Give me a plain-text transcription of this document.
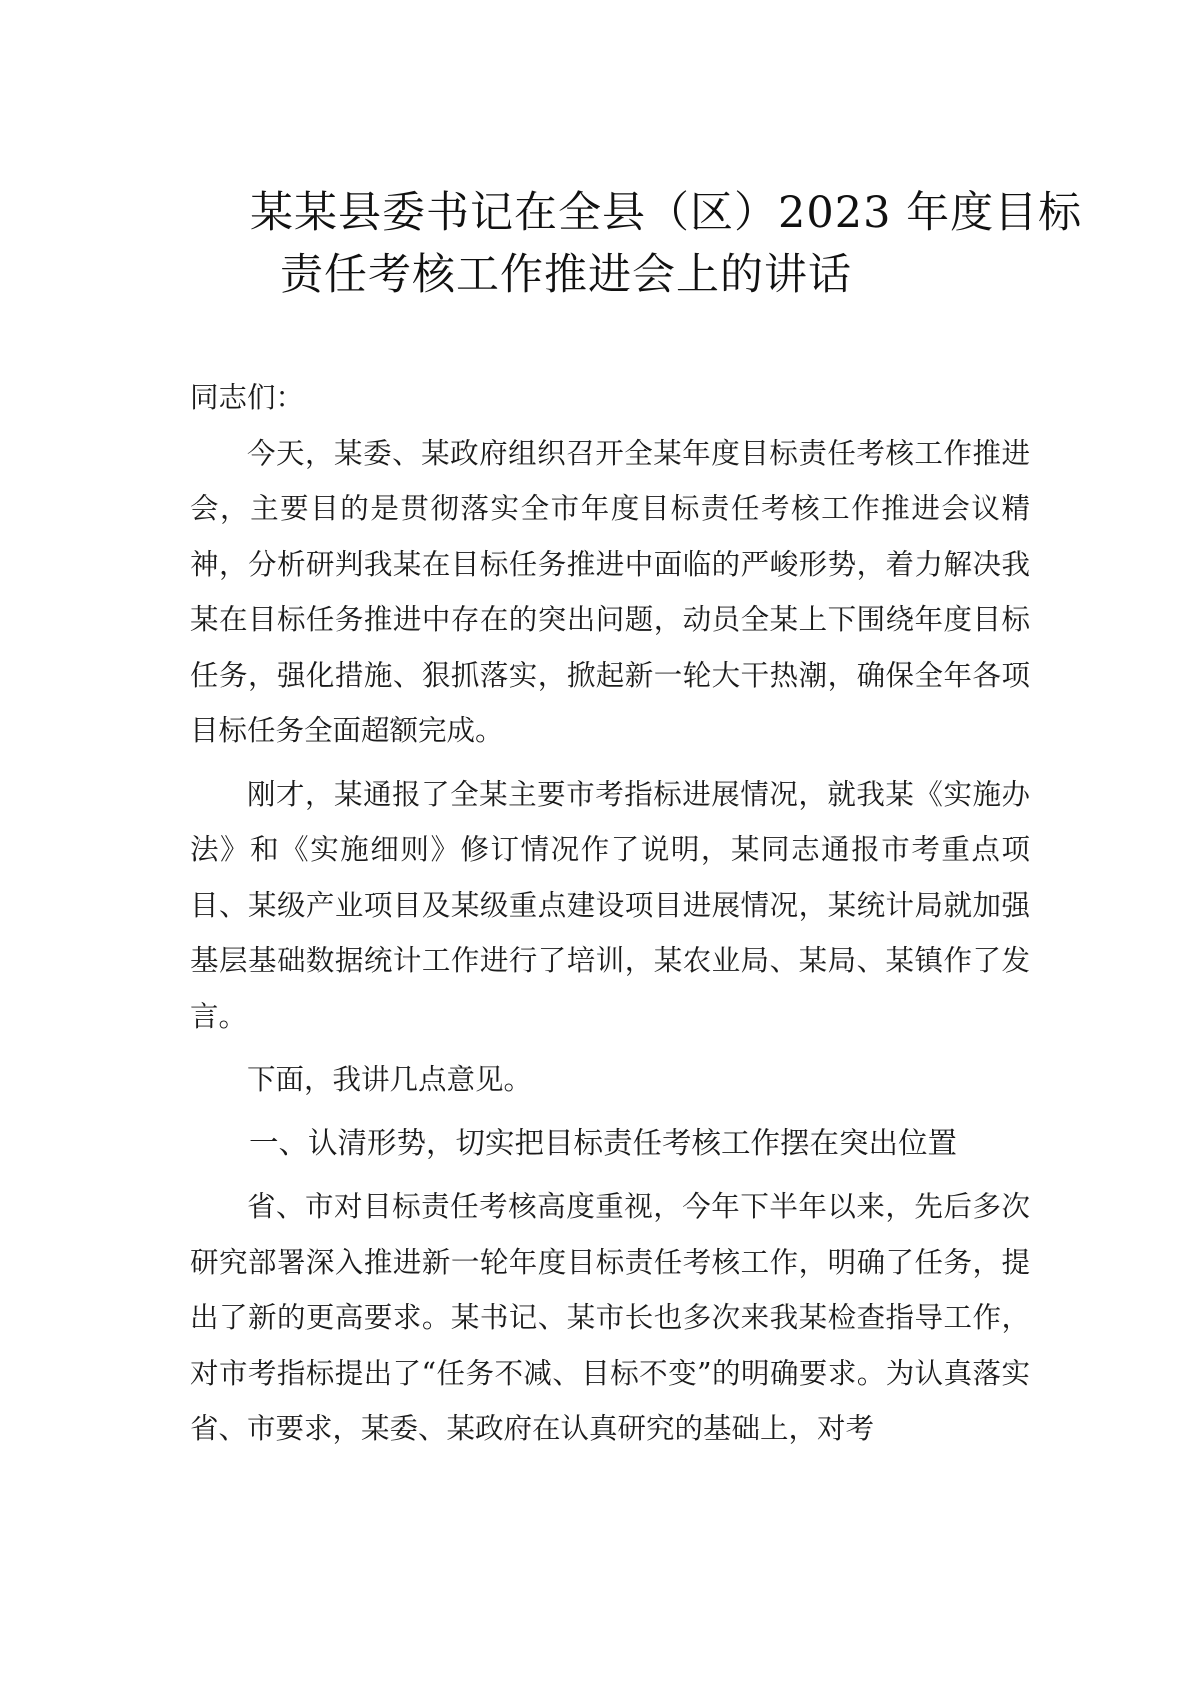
某某县委书记在全县（区）2023 年度目标
责任考核工作推进会上的讲话

同志们：

今天，某委、某政府组织召开全某年度目标责任考核工作推进会，主要目的是贯彻落实全市年度目标责任考核工作推进会议精神，分析研判我某在目标任务推进中面临的严峻形势，着力解决我某在目标任务推进中存在的突出问题，动员全某上下围绕年度目标任务，强化措施、狠抓落实，掀起新一轮大干热潮，确保全年各项目标任务全面超额完成。

刚才，某通报了全某主要市考指标进展情况，就我某《实施办法》和《实施细则》修订情况作了说明，某同志通报市考重点项目、某级产业项目及某级重点建设项目进展情况，某统计局就加强基层基础数据统计工作进行了培训，某农业局、某局、某镇作了发言。

下面，我讲几点意见。

一、认清形势，切实把目标责任考核工作摆在突出位置

省、市对目标责任考核高度重视，今年下半年以来，先后多次研究部署深入推进新一轮年度目标责任考核工作，明确了任务，提出了新的更高要求。某书记、某市长也多次来我某检查指导工作，对市考指标提出了“任务不减、目标不变”的明确要求。为认真落实省、市要求，某委、某政府在认真研究的基础上，对考
